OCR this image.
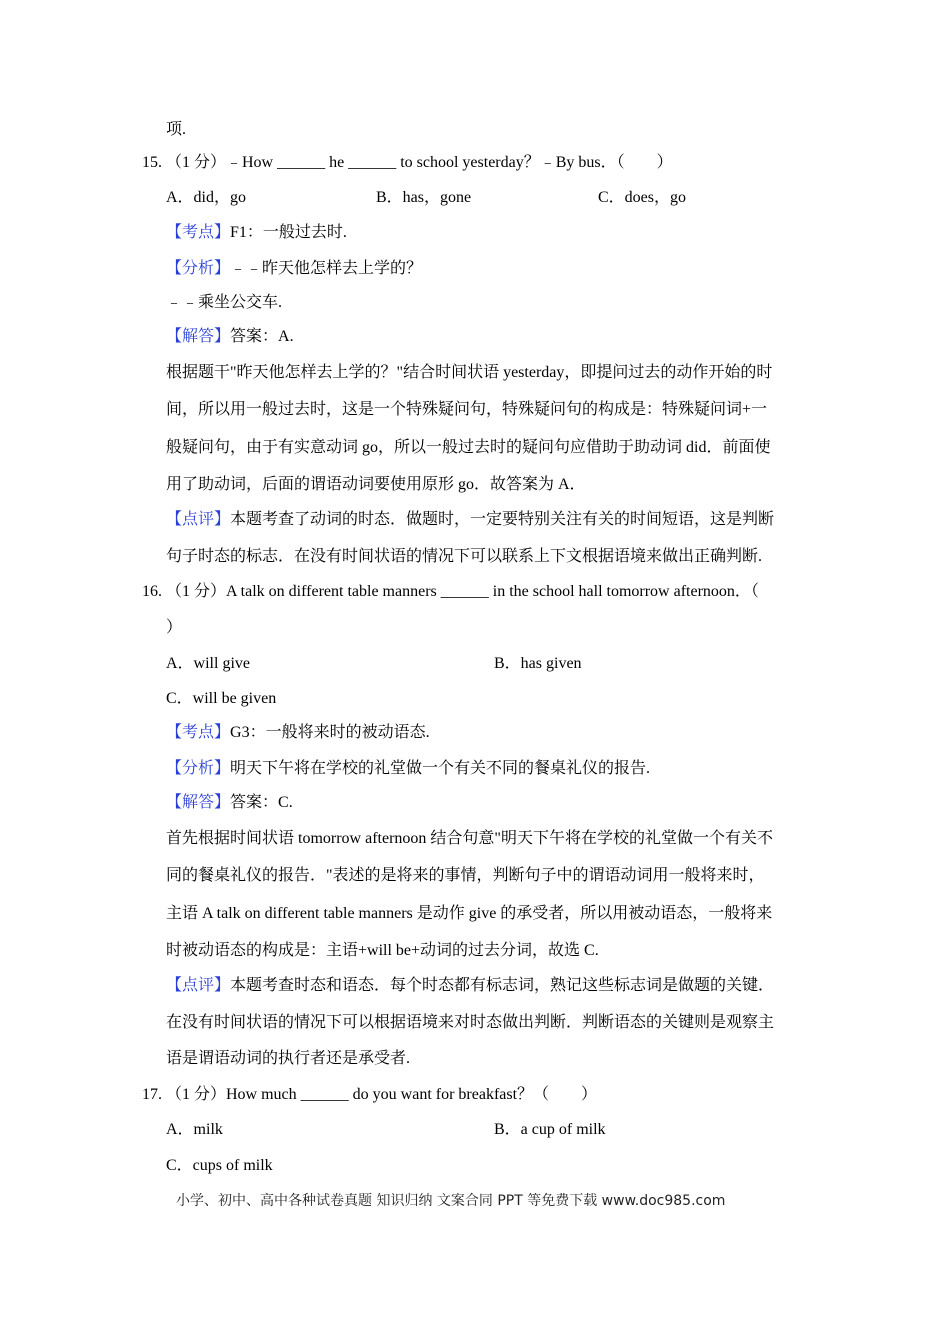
项.
15. （1 分）﹣How ______ he ______ to school yesterday？﹣By bus．（　　）
A．did，go	B．has，gone	C．does，go
【考点】F1：一般过去时.
【分析】﹣﹣昨天他怎样去上学的？
﹣﹣乘坐公交车.
【解答】答案：A.
根据题干"昨天他怎样去上学的？"结合时间状语 yesterday，即提问过去的动作开始的时
间，所以用一般过去时，这是一个特殊疑问句，特殊疑问句的构成是：特殊疑问词+一
般疑问句，由于有实意动词 go，所以一般过去时的疑问句应借助于助动词 did．前面使
用了助动词，后面的谓语动词要使用原形 go．故答案为 A．
【点评】本题考查了动词的时态．做题时，一定要特别关注有关的时间短语，这是判断
句子时态的标志．在没有时间状语的情况下可以联系上下文根据语境来做出正确判断.
16. （1 分）A talk on different table manners ______ in the school hall tomorrow afternoon．（
）
A．will give	B．has given
C．will be given
【考点】G3：一般将来时的被动语态.
【分析】明天下午将在学校的礼堂做一个有关不同的餐桌礼仪的报告.
【解答】答案：C.
首先根据时间状语 tomorrow afternoon 结合句意"明天下午将在学校的礼堂做一个有关不
同的餐桌礼仪的报告．"表述的是将来的事情，判断句子中的谓语动词用一般将来时，
主语 A talk on different table manners 是动作 give 的承受者，所以用被动语态，一般将来
时被动语态的构成是：主语+will be+动词的过去分词，故选 C.
【点评】本题考查时态和语态．每个时态都有标志词，熟记这些标志词是做题的关键．
在没有时间状语的情况下可以根据语境来对时态做出判断．判断语态的关键则是观察主
语是谓语动词的执行者还是承受者.
17. （1 分）How much ______ do you want for breakfast？（　　）
A．milk	B．a cup of milk
C．cups of milk
小学、初中、高中各种试卷真题 知识归纳 文案合同 PPT 等免费下载 www.doc985.com
